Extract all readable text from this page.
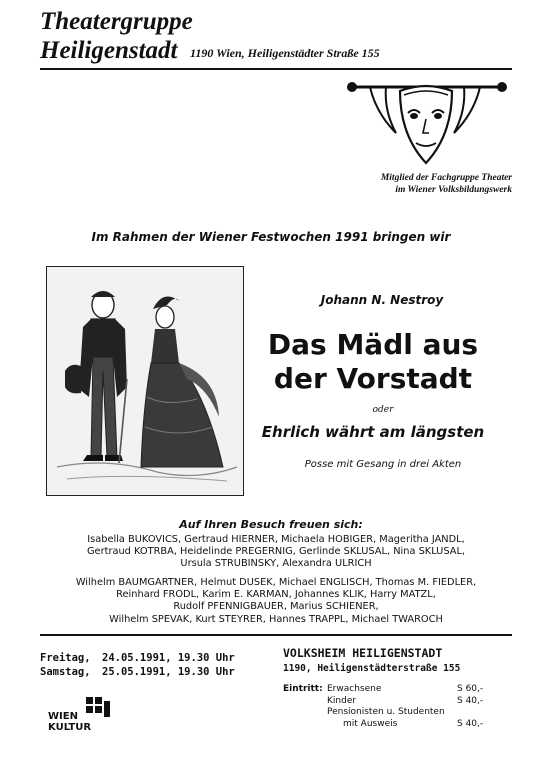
Theatergruppe
Heiligenstadt 1190 Wien, Heiligenstädter Straße 155
Mitglied der Fachgruppe Theater
im Wiener Volksbildungswerk
Im Rahmen der Wiener Festwochen 1991 bringen wir
Johann N. Nestroy
Das Mädl aus
der Vorstadt
oder
Ehrlich währt am längsten
Posse mit Gesang in drei Akten
Auf Ihren Besuch freuen sich:
Isabella BUKOVICS, Gertraud HIERNER, Michaela HOBIGER, Mageritha JANDL,
Gertraud KOTRBA, Heidelinde PREGERNIG, Gerlinde SKLUSAL, Nina SKLUSAL,
Ursula STRUBINSKY, Alexandra ULRICH
Wilhelm BAUMGARTNER, Helmut DUSEK, Michael ENGLISCH, Thomas M. FIEDLER,
Reinhard FRODL, Karim E. KARMAN, Johannes KLIK, Harry MATZL,
Rudolf PFENNIGBAUER, Marius SCHIENER,
Wilhelm SPEVAK, Kurt STEYRER, Hannes TRAPPL, Michael TWAROCH
Freitag, 24.05.1991, 19.30 Uhr
Samstag, 25.05.1991, 19.30 Uhr
VOLKSHEIM HEILIGENSTADT
1190, Heiligenstädterstraße 155
Eintritt: Erwachsene	S 60,-
Kinder	S 40,-
Pensionisten u. Studenten
mit Ausweis	S 40,-
WIEN
KULTUR
